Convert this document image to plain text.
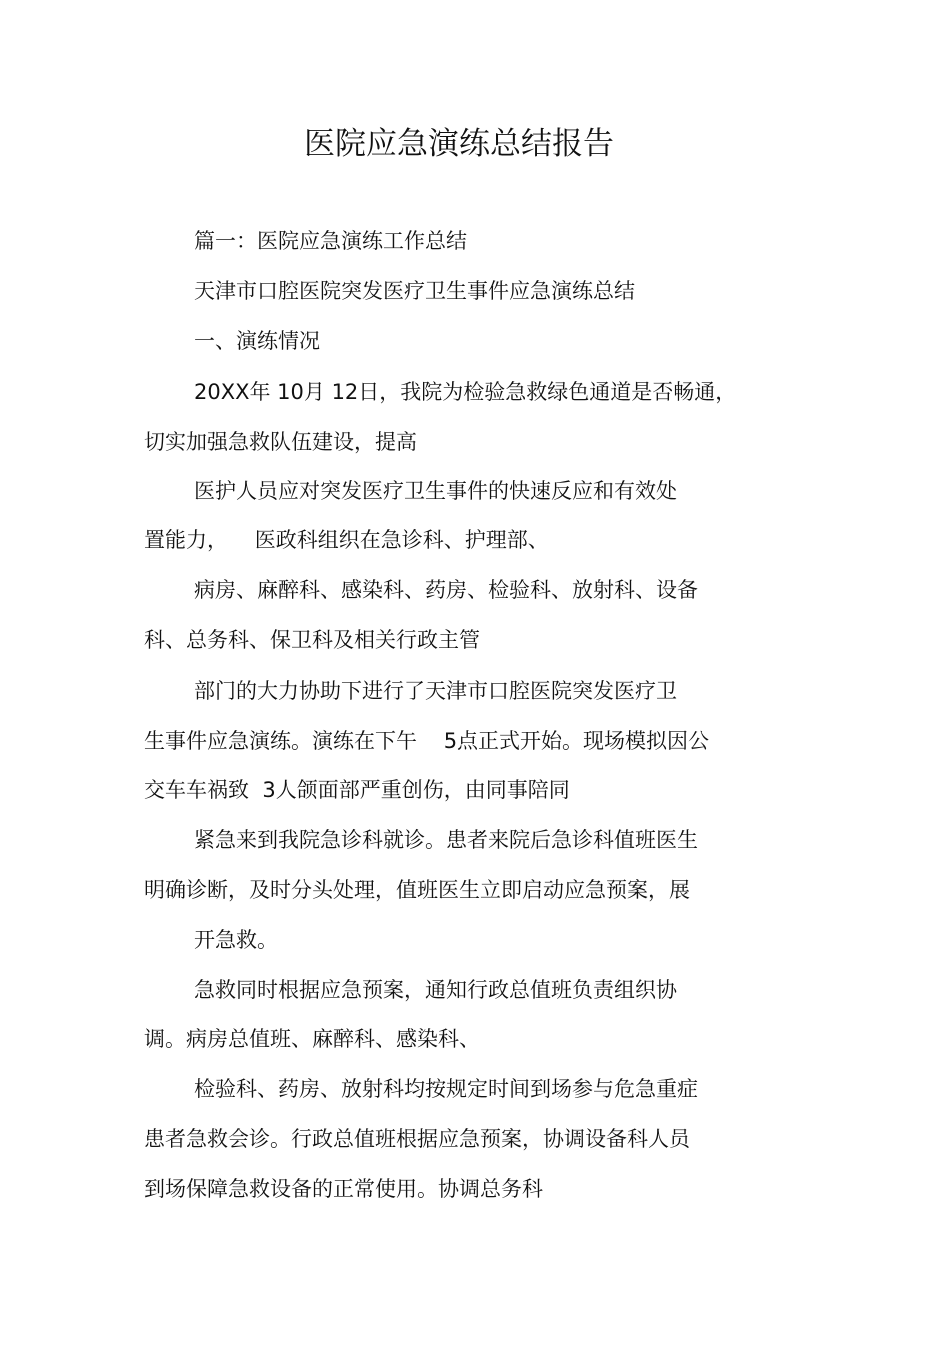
医院应急演练总结报告
篇一：医院应急演练工作总结
天津市口腔医院突发医疗卫生事件应急演练总结
一、演练情况
20XX年 10月 12日，我院为检验急救绿色通道是否畅通，
切实加强急救队伍建设，提高
医护人员应对突发医疗卫生事件的快速反应和有效处
置能力，    医政科组织在急诊科、护理部、
病房、麻醉科、感染科、药房、检验科、放射科、设备
科、总务科、保卫科及相关行政主管
部门的大力协助下进行了天津市口腔医院突发医疗卫
生事件应急演练。演练在下午    5点正式开始。现场模拟因公
交车车祸致  3人颌面部严重创伤，由同事陪同
紧急来到我院急诊科就诊。患者来院后急诊科值班医生
明确诊断，及时分头处理，值班医生立即启动应急预案，展
开急救。
急救同时根据应急预案，通知行政总值班负责组织协
调。病房总值班、麻醉科、感染科、
检验科、药房、放射科均按规定时间到场参与危急重症
患者急救会诊。行政总值班根据应急预案，协调设备科人员
到场保障急救设备的正常使用。协调总务科
